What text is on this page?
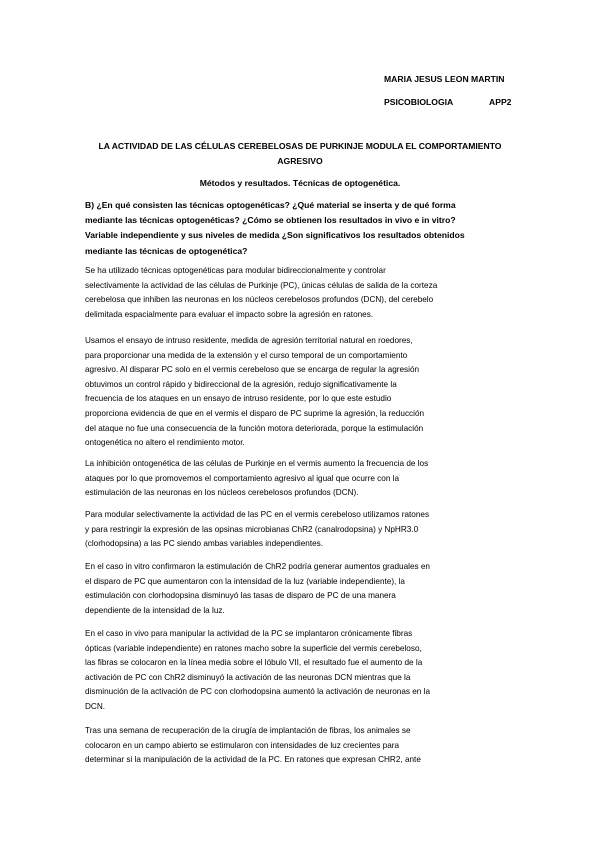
MARIA JESUS LEON MARTIN
PSICOBIOLOGIA	APP2
LA ACTIVIDAD DE LAS CÉLULAS CEREBELOSAS DE PURKINJE MODULA EL COMPORTAMIENTO
AGRESIVO
Métodos y resultados. Técnicas de optogenética.
B) ¿En qué consisten las técnicas optogenéticas? ¿Qué material se inserta y de qué forma
mediante las técnicas optogenéticas? ¿Cómo se obtienen los resultados in vivo e in vitro?
Variable independiente y sus niveles de medida ¿Son significativos los resultados obtenidos
mediante las técnicas de optogenética?
Se ha utilizado técnicas optogenéticas para modular bidireccionalmente y controlar
selectivamente la actividad de las células de Purkinje (PC), únicas células de salida de la corteza
cerebelosa que inhiben las neuronas en los núcleos cerebelosos profundos (DCN), del cerebelo
delimitada espacialmente para evaluar el impacto sobre la agresión en ratones.
Usamos el ensayo de intruso residente, medida de agresión territorial natural en roedores,
para proporcionar una medida de la extensión y el curso temporal de un comportamiento
agresivo. Al disparar PC solo en el vermis cerebeloso que se encarga de regular la agresión
obtuvimos un control rápido y bidireccional de la agresión, redujo significativamente la
frecuencia de los ataques en un ensayo de intruso residente, por lo que este estudio
proporciona evidencia de que en el vermis el disparo de PC suprime la agresión, la reducción
del ataque no fue una consecuencia de la función motora deteriorada, porque la estimulación
ontogenética no altero el rendimiento motor.
La inhibición ontogenética de las células de Purkinje en el vermis aumento la frecuencia de los
ataques por lo que promovemos el comportamiento agresivo al igual que ocurre con la
estimulación de las neuronas en los núcleos cerebelosos profundos (DCN).
Para modular selectivamente la actividad de las PC en el vermis cerebeloso utilizamos ratones
y para restringir la expresión de las opsinas microbianas ChR2 (canalrodopsina) y NpHR3.0
(clorhodopsina) a las PC siendo ambas variables independientes.
En el caso in vitro confirmaron la estimulación de ChR2 podría generar aumentos graduales en
el disparo de PC que aumentaron con la intensidad de la luz (variable independiente), la
estimulación con clorhodopsina disminuyó las tasas de disparo de PC de una manera
dependiente de la intensidad de la luz.
En el caso in vivo para manipular la actividad de la PC se implantaron crónicamente fibras
ópticas (variable independiente) en ratones macho sobre la superficie del vermis cerebeloso,
las fibras se colocaron en la línea media sobre el lóbulo VII, el resultado fue el aumento de la
activación de PC con ChR2 disminuyó la activación de las neuronas DCN mientras que la
disminución de la activación de PC con clorhodopsina aumentó la activación de neuronas en la
DCN.
Tras una semana de recuperación de la cirugía de implantación de fibras, los animales se
colocaron en un campo abierto se estimularon con intensidades de luz crecientes para
determinar si la manipulación de la actividad de la PC. En ratones que expresan CHR2, ante
